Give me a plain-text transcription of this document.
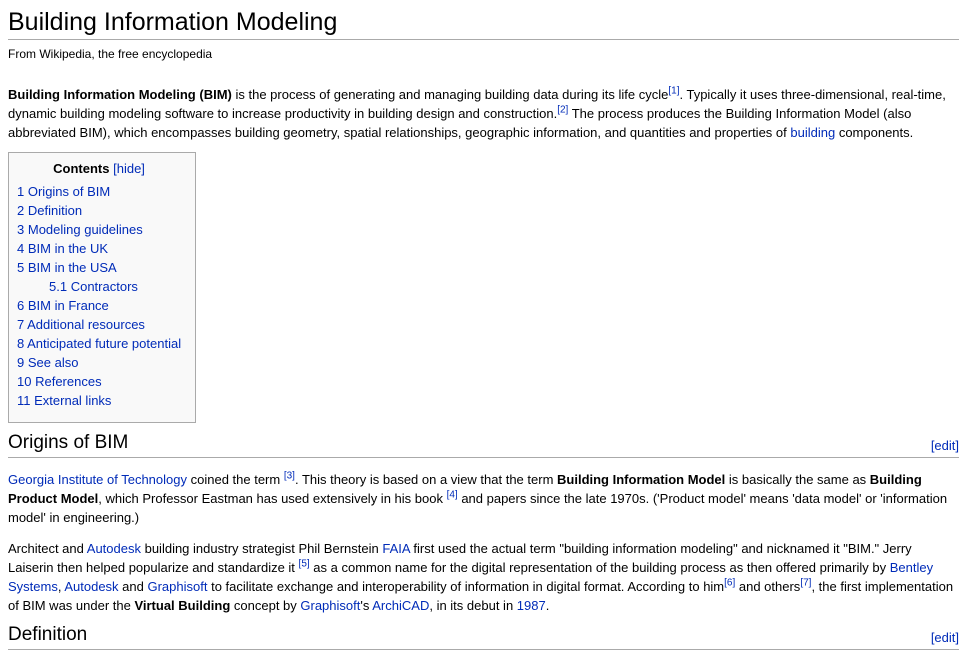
Building Information Modeling
From Wikipedia, the free encyclopedia

Building Information Modeling (BIM) is the process of generating and managing building data during its life cycle[1]. Typically it uses three-dimensional, real-time, dynamic building modeling software to increase productivity in building design and construction.[2] The process produces the Building Information Model (also abbreviated BIM), which encompasses building geometry, spatial relationships, geographic information, and quantities and properties of building components.

Contents [hide]
1 Origins of BIM
2 Definition
3 Modeling guidelines
4 BIM in the UK
5 BIM in the USA
5.1 Contractors
6 BIM in France
7 Additional resources
8 Anticipated future potential
9 See also
10 References
11 External links
[edit]
Origins of BIM

Georgia Institute of Technology coined the term [3]. This theory is based on a view that the term Building Information Model is basically the same as Building Product Model, which Professor Eastman has used extensively in his book [4] and papers since the late 1970s. ('Product model' means 'data model' or 'information model' in engineering.)

Architect and Autodesk building industry strategist Phil Bernstein FAIA first used the actual term "building information modeling" and nicknamed it "BIM." Jerry Laiserin then helped popularize and standardize it [5] as a common name for the digital representation of the building process as then offered primarily by Bentley Systems, Autodesk and Graphisoft to facilitate exchange and interoperability of information in digital format. According to him[6] and others[7], the first implementation of BIM was under the Virtual Building concept by Graphisoft's ArchiCAD, in its debut in 1987.

[edit]
Definition
